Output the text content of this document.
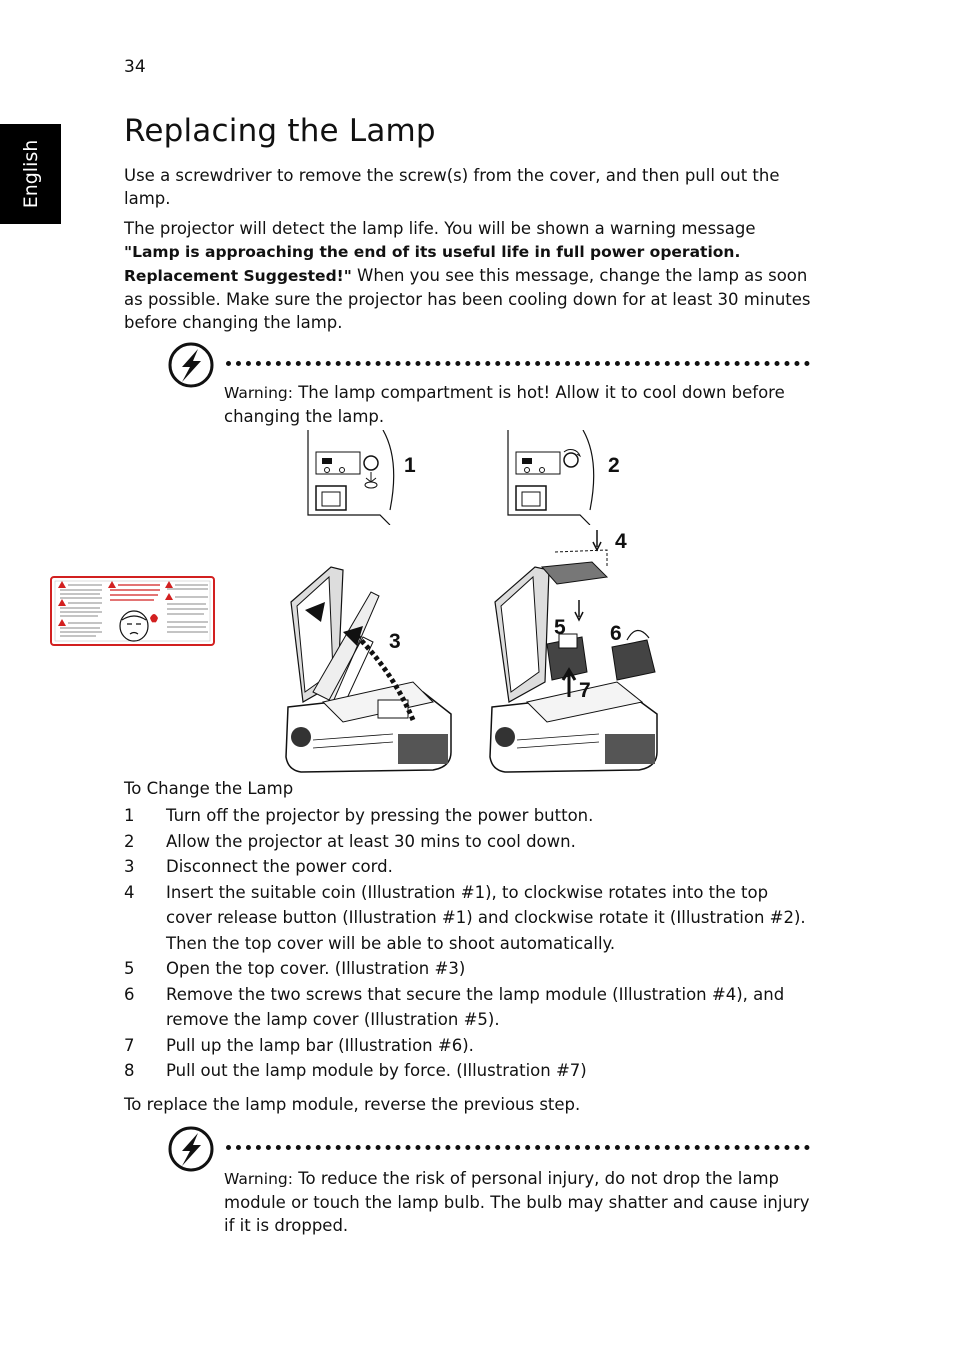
34
English
Replacing the Lamp

Use a screwdriver to remove the screw(s) from the cover, and then pull out the lamp.

The projector will detect the lamp life. You will be shown a warning message "Lamp is approaching the end of its useful life in full power operation. Replacement Suggested!" When you see this message, change the lamp as soon as possible. Make sure the projector has been cooling down for at least 30 minutes before changing the lamp.

Warning: The lamp compartment is hot! Allow it to cool down before changing the lamp.

1	2
3
4
5 6
7
To Change the Lamp
1 Turn off the projector by pressing the power button.
2 Allow the projector at least 30 mins to cool down.
3 Disconnect the power cord.
4 Insert the suitable coin (Illustration #1), to clockwise rotates into the top cover release button (Illustration #1) and clockwise rotate it (Illustration #2). Then the top cover will be able to shoot automatically.
5 Open the top cover. (Illustration #3)
6 Remove the two screws that secure the lamp module (Illustration #4), and remove the lamp cover (Illustration #5).
7 Pull up the lamp bar (Illustration #6).
8 Pull out the lamp module by force. (Illustration #7)

To replace the lamp module, reverse the previous step.

Warning: To reduce the risk of personal injury, do not drop the lamp module or touch the lamp bulb. The bulb may shatter and cause injury if it is dropped.
